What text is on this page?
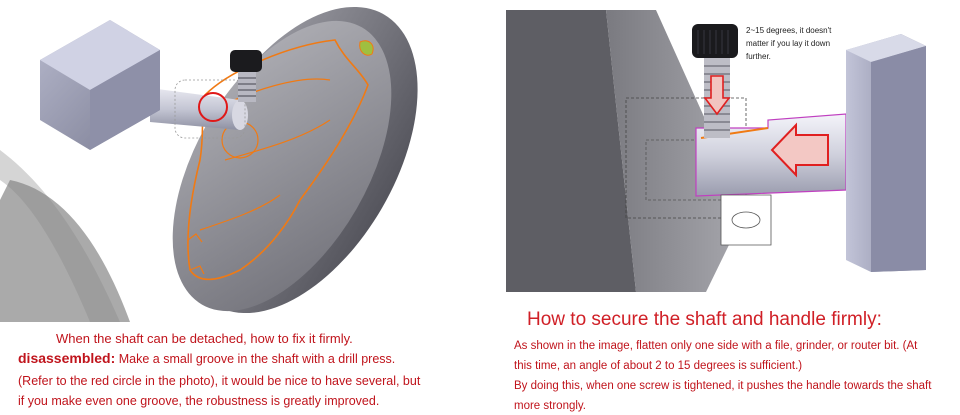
When the shaft can be detached, how to fix it firmly.
disassembled: Make a small groove in the shaft with a drill press.
(Refer to the red circle in the photo), it would be nice to have several, but
if you make even one groove, the robustness is greatly improved.
2~15 degrees, it doesn't
matter if you lay it down
further.
How to secure the shaft and handle firmly:
As shown in the image, flatten only one side with a file, grinder, or router bit. (At
this time, an angle of about 2 to 15 degrees is sufficient.)
By doing this, when one screw is tightened, it pushes the handle towards the shaft
more strongly.
